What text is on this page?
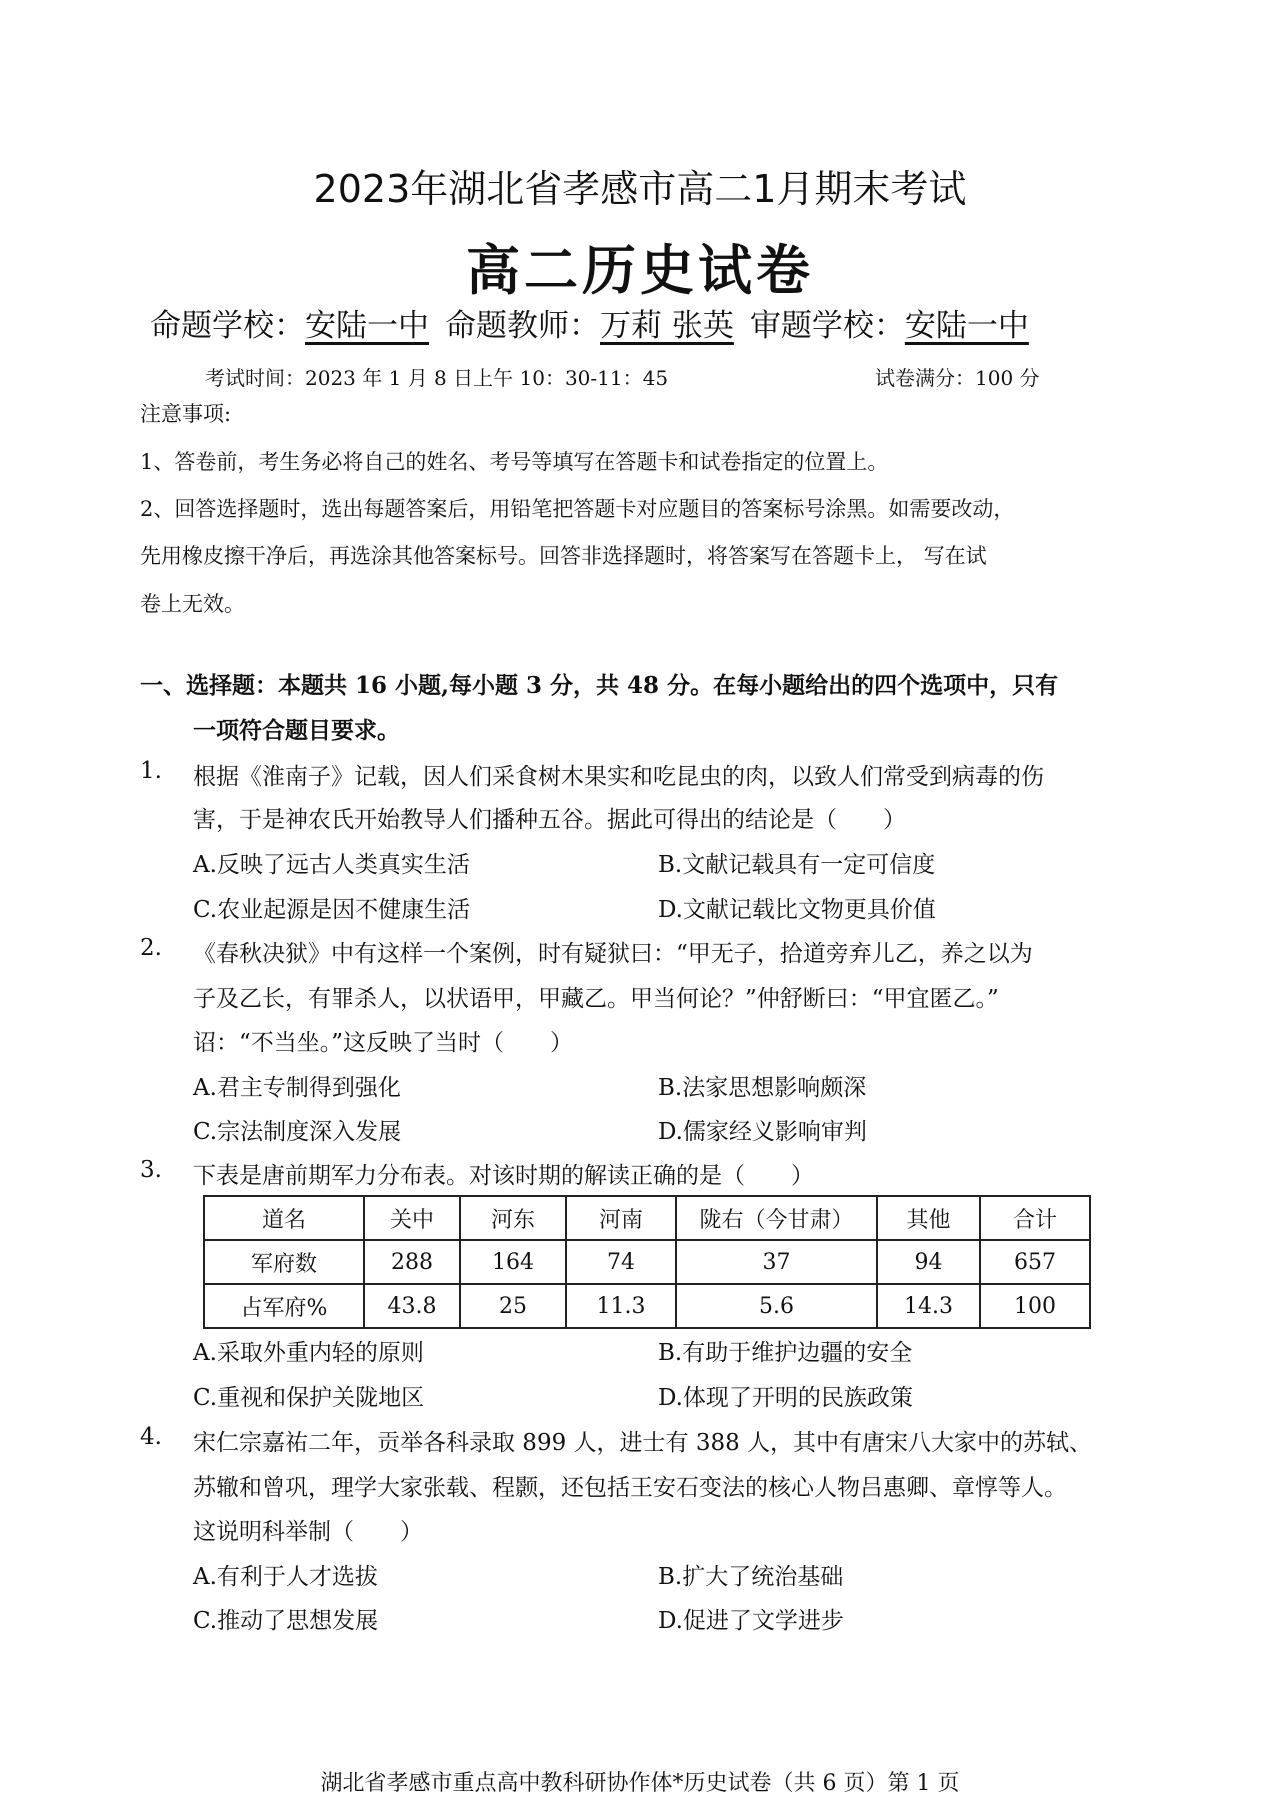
2023年湖北省孝感市高二1月期末考试
高二历史试卷
命题学校：安陆一中 命题教师：万莉 张英 审题学校：安陆一中
考试时间：2023 年 1 月 8 日上午 10：30-11：45	试卷满分：100 分
注意事项:
1、答卷前，考生务必将自己的姓名、考号等填写在答题卡和试卷指定的位置上。
2、回答选择题时，选出每题答案后，用铅笔把答题卡对应题目的答案标号涂黑。如需要改动，
先用橡皮擦干净后，再选涂其他答案标号。回答非选择题时，将答案写在答题卡上， 写在试
卷上无效。
一、选择题：本题共 16 小题,每小题 3 分，共 48 分。在每小题给出的四个选项中，只有
一项符合题目要求。
1. 根据《淮南子》记载，因人们采食树木果实和吃昆虫的肉，以致人们常受到病毒的伤
害，于是神农氏开始教导人们播种五谷。据此可得出的结论是（　　）
A.反映了远古人类真实生活	B.文献记载具有一定可信度
C.农业起源是因不健康生活	D.文献记载比文物更具价值
2. 《春秋决狱》中有这样一个案例，时有疑狱曰：“甲无子，拾道旁弃儿乙，养之以为
子及乙长，有罪杀人，以状语甲，甲藏乙。甲当何论？”仲舒断曰：“甲宜匿乙。”
诏：“不当坐。”这反映了当时（　　）
A.君主专制得到强化	B.法家思想影响颇深
C.宗法制度深入发展	D.儒家经义影响审判
3. 下表是唐前期军力分布表。对该时期的解读正确的是（　　）
道名	关中	河东	河南	陇右（今甘肃）	其他	合计
军府数	288	164	74	37	94	657
占军府%	43.8	25	11.3	5.6	14.3	100
A.采取外重内轻的原则	B.有助于维护边疆的安全
C.重视和保护关陇地区	D.体现了开明的民族政策
4. 宋仁宗嘉祐二年，贡举各科录取 899 人，进士有 388 人，其中有唐宋八大家中的苏轼、
苏辙和曾巩，理学大家张载、程颢，还包括王安石变法的核心人物吕惠卿、章惇等人。
这说明科举制（　　）
A.有利于人才选拔	B.扩大了统治基础
C.推动了思想发展	D.促进了文学进步
湖北省孝感市重点高中教科研协作体*历史试卷（共 6 页）第 1 页
